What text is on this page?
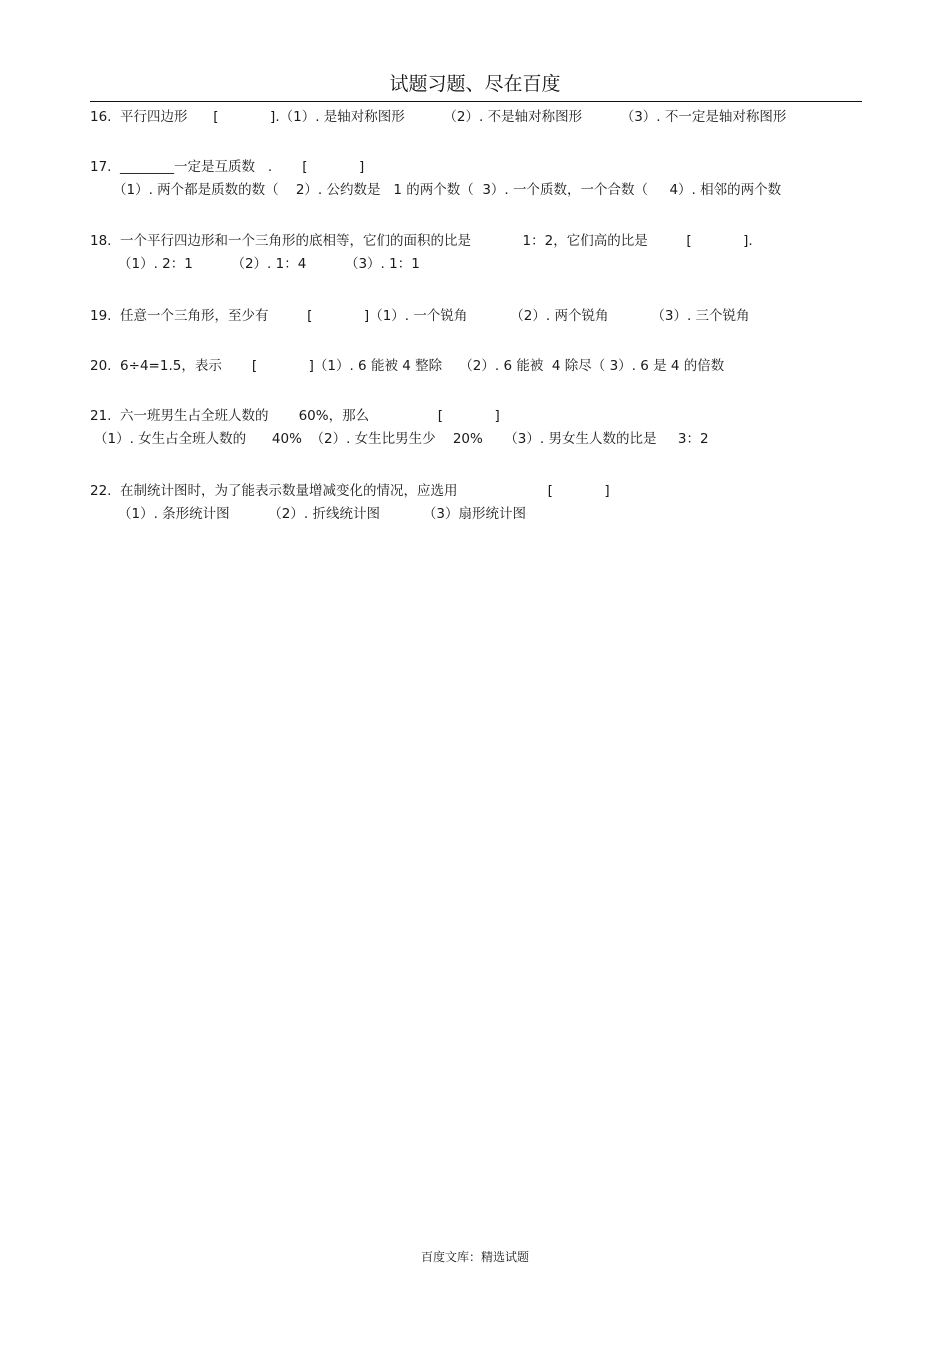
试题习题、尽在百度
16.  平行四边形      [            ].（1）. 是轴对称图形         （2）. 不是轴对称图形         （3）. 不一定是轴对称图形
17.  ________一定是互质数   .       [            ]
（1）. 两个都是质数的数（    2）. 公约数是   1 的两个数（  3）. 一个质数，一个合数（     4）. 相邻的两个数
18.  一个平行四边形和一个三角形的底相等，它们的面积的比是            1：2，它们高的比是         [            ].
（1）. 2：1         （2）. 1：4         （3）. 1：1
19.  任意一个三角形，至少有         [            ]（1）. 一个锐角          （2）. 两个锐角          （3）. 三个锐角
20.  6÷4=1.5，表示       [            ]（1）. 6 能被 4 整除    （2）. 6 能被  4 除尽（ 3）. 6 是 4 的倍数
21.  六一班男生占全班人数的       60%，那么                [            ]
（1）. 女生占全班人数的      40%  （2）. 女生比男生少    20%     （3）. 男女生人数的比是     3：2
22.  在制统计图时，为了能表示数量增减变化的情况，应选用                     [            ]
（1）. 条形统计图         （2）. 折线统计图          （3）扇形统计图
百度文库：精选试题
